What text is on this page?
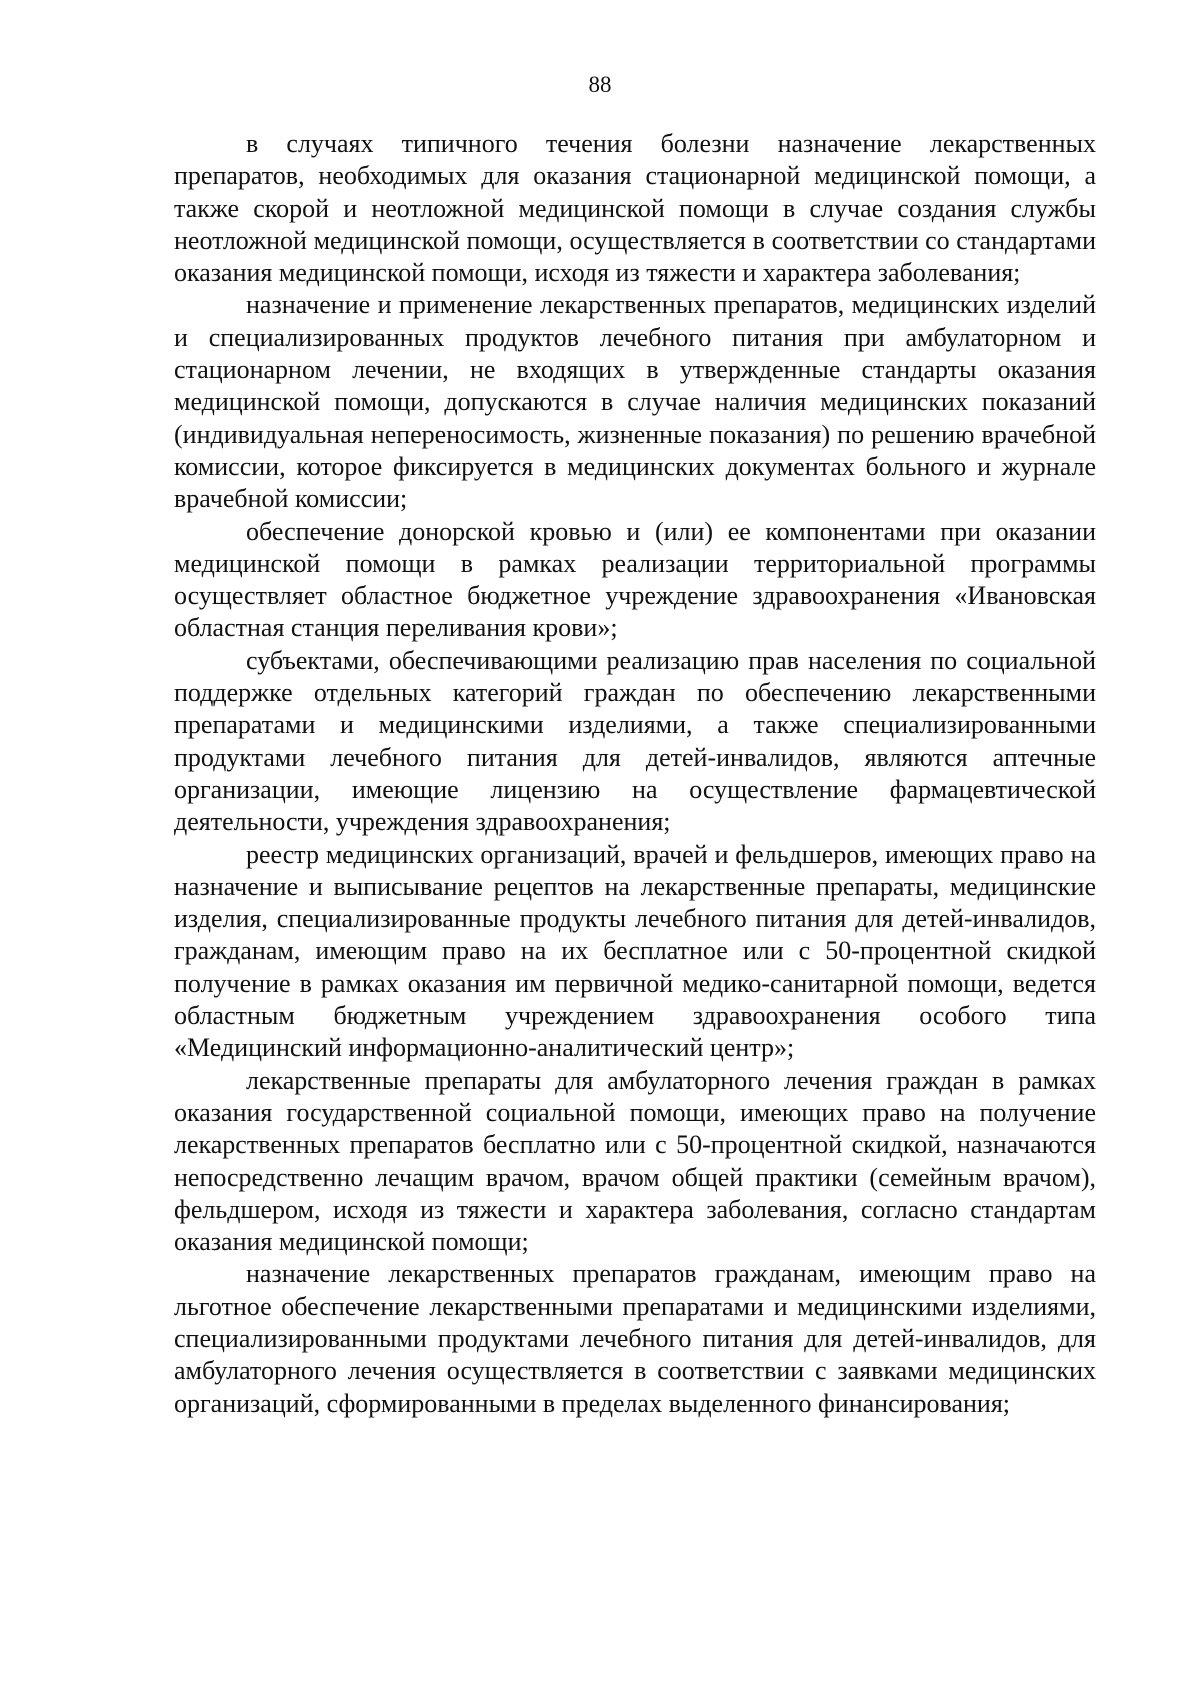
88

в случаях типичного течения болезни назначение лекарственных препаратов, необходимых для оказания стационарной медицинской помощи, а также скорой и неотложной медицинской помощи в случае создания службы неотложной медицинской помощи, осуществляется в соответствии со стандартами оказания медицинской помощи, исходя из тяжести и характера заболевания;

назначение и применение лекарственных препаратов, медицинских изделий и специализированных продуктов лечебного питания при амбулаторном и стационарном лечении, не входящих в утвержденные стандарты оказания медицинской помощи, допускаются в случае наличия медицинских показаний (индивидуальная непереносимость, жизненные показания) по решению врачебной комиссии, которое фиксируется в медицинских документах больного и журнале врачебной комиссии;

обеспечение донорской кровью и (или) ее компонентами при оказании медицинской помощи в рамках реализации территориальной программы осуществляет областное бюджетное учреждение здравоохранения «Ивановская областная станция переливания крови»;

субъектами, обеспечивающими реализацию прав населения по социальной поддержке отдельных категорий граждан по обеспечению лекарственными препаратами и медицинскими изделиями, а также специализированными продуктами лечебного питания для детей-инвалидов, являются аптечные организации, имеющие лицензию на осуществление фармацевтической деятельности, учреждения здравоохранения;

реестр медицинских организаций, врачей и фельдшеров, имеющих право на назначение и выписывание рецептов на лекарственные препараты, медицинские изделия, специализированные продукты лечебного питания для детей-инвалидов, гражданам, имеющим право на их бесплатное или с 50-процентной скидкой получение в рамках оказания им первичной медико-санитарной помощи, ведется областным бюджетным учреждением здравоохранения особого типа «Медицинский информационно-аналитический центр»;

лекарственные препараты для амбулаторного лечения граждан в рамках оказания государственной социальной помощи, имеющих право на получение лекарственных препаратов бесплатно или с 50-процентной скидкой, назначаются непосредственно лечащим врачом, врачом общей практики (семейным врачом), фельдшером, исходя из тяжести и характера заболевания, согласно стандартам оказания медицинской помощи;

назначение лекарственных препаратов гражданам, имеющим право на льготное обеспечение лекарственными препаратами и медицинскими изделиями, специализированными продуктами лечебного питания для детей-инвалидов, для амбулаторного лечения осуществляется в соответствии с заявками медицинских организаций, сформированными в пределах выделенного финансирования;
